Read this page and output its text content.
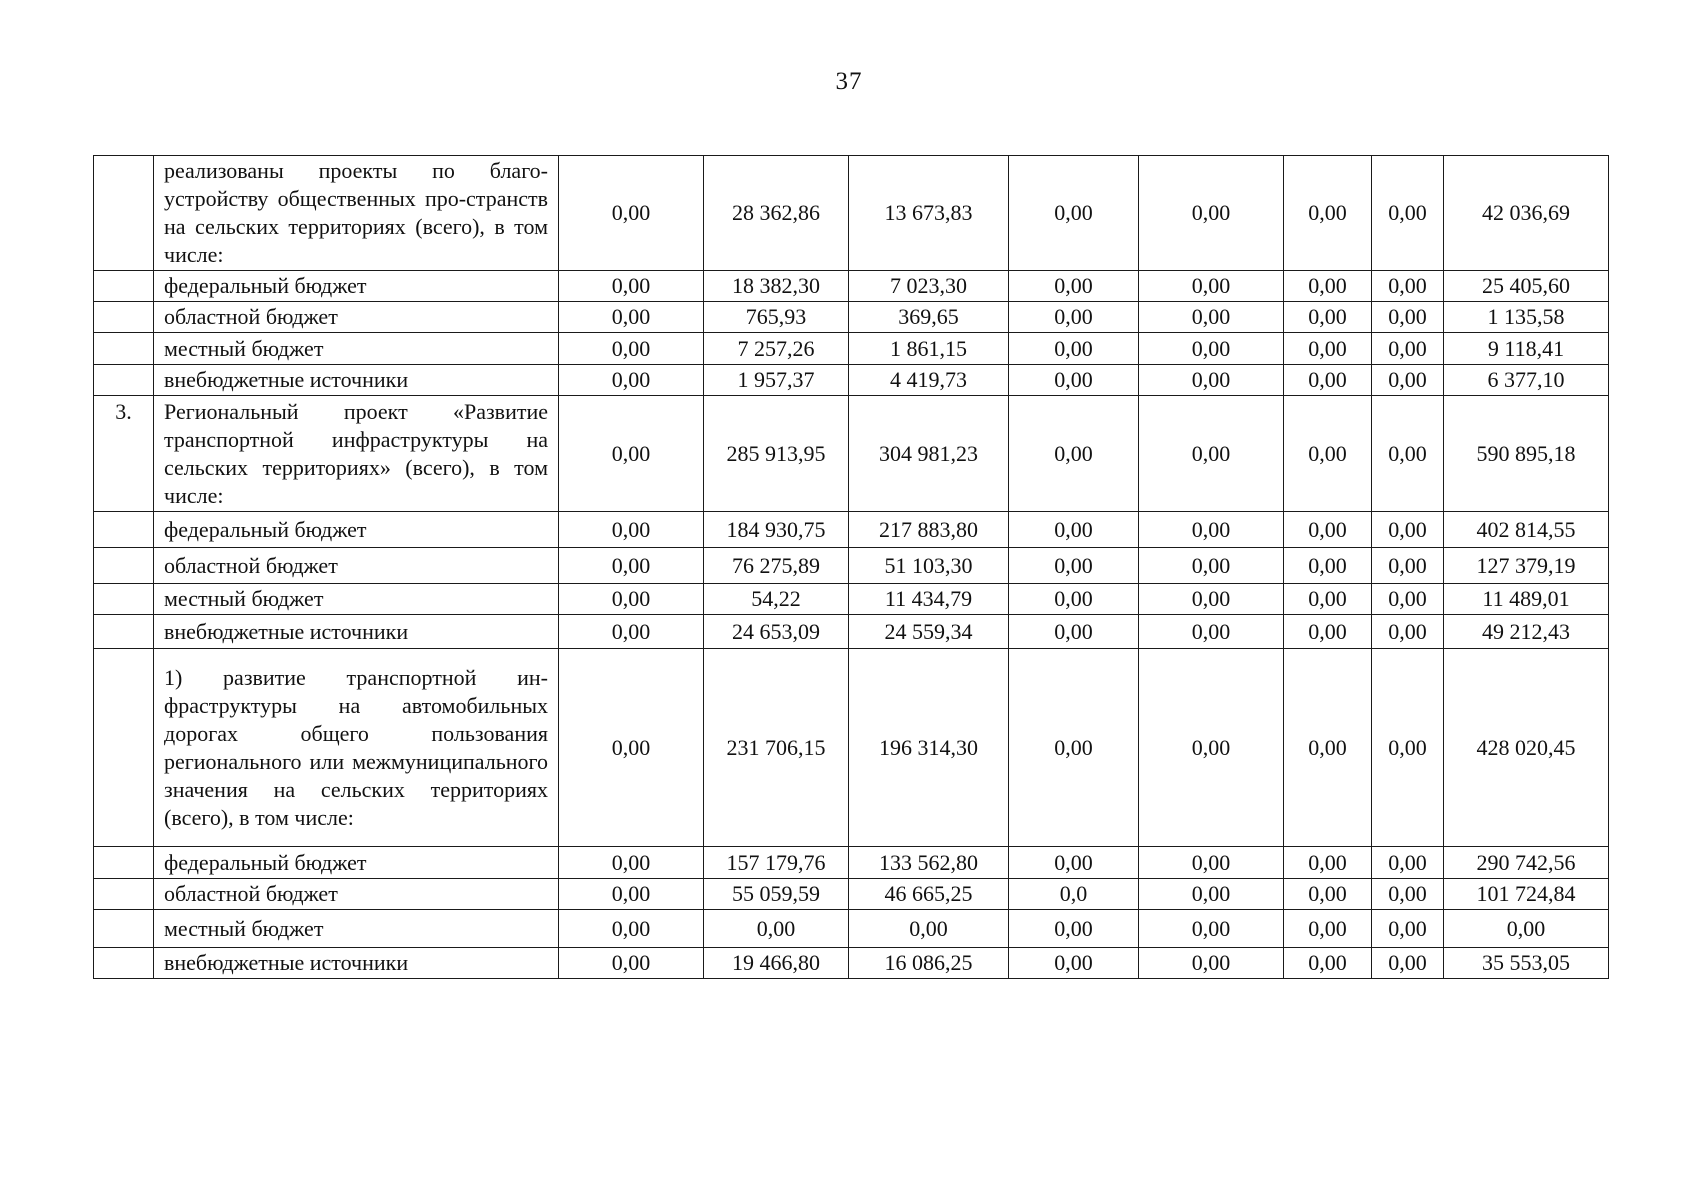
37
	реализованы проекты по благо-устройству общественных про-странств на сельских территориях (всего), в том числе:	0,00	28 362,86	13 673,83	0,00	0,00	0,00	0,00	42 036,69
	федеральный бюджет	0,00	18 382,30	7 023,30	0,00	0,00	0,00	0,00	25 405,60
	областной бюджет	0,00	765,93	369,65	0,00	0,00	0,00	0,00	1 135,58
	местный бюджет	0,00	7 257,26	1 861,15	0,00	0,00	0,00	0,00	9 118,41
	внебюджетные источники	0,00	1 957,37	4 419,73	0,00	0,00	0,00	0,00	6 377,10
3.	Региональный проект «Развитие транспортной инфраструктуры на сельских территориях» (всего), в том числе:	0,00	285 913,95	304 981,23	0,00	0,00	0,00	0,00	590 895,18
	федеральный бюджет	0,00	184 930,75	217 883,80	0,00	0,00	0,00	0,00	402 814,55
	областной бюджет	0,00	76 275,89	51 103,30	0,00	0,00	0,00	0,00	127 379,19
	местный бюджет	0,00	54,22	11 434,79	0,00	0,00	0,00	0,00	11 489,01
	внебюджетные источники	0,00	24 653,09	24 559,34	0,00	0,00	0,00	0,00	49 212,43
	1) развитие транспортной ин-фраструктуры на автомобильных дорогах общего пользования регионального или межмуниципального значения на сельских территориях (всего), в том числе:	0,00	231 706,15	196 314,30	0,00	0,00	0,00	0,00	428 020,45
	федеральный бюджет	0,00	157 179,76	133 562,80	0,00	0,00	0,00	0,00	290 742,56
	областной бюджет	0,00	55 059,59	46 665,25	0,0	0,00	0,00	0,00	101 724,84
	местный бюджет	0,00	0,00	0,00	0,00	0,00	0,00	0,00	0,00
	внебюджетные источники	0,00	19 466,80	16 086,25	0,00	0,00	0,00	0,00	35 553,05
